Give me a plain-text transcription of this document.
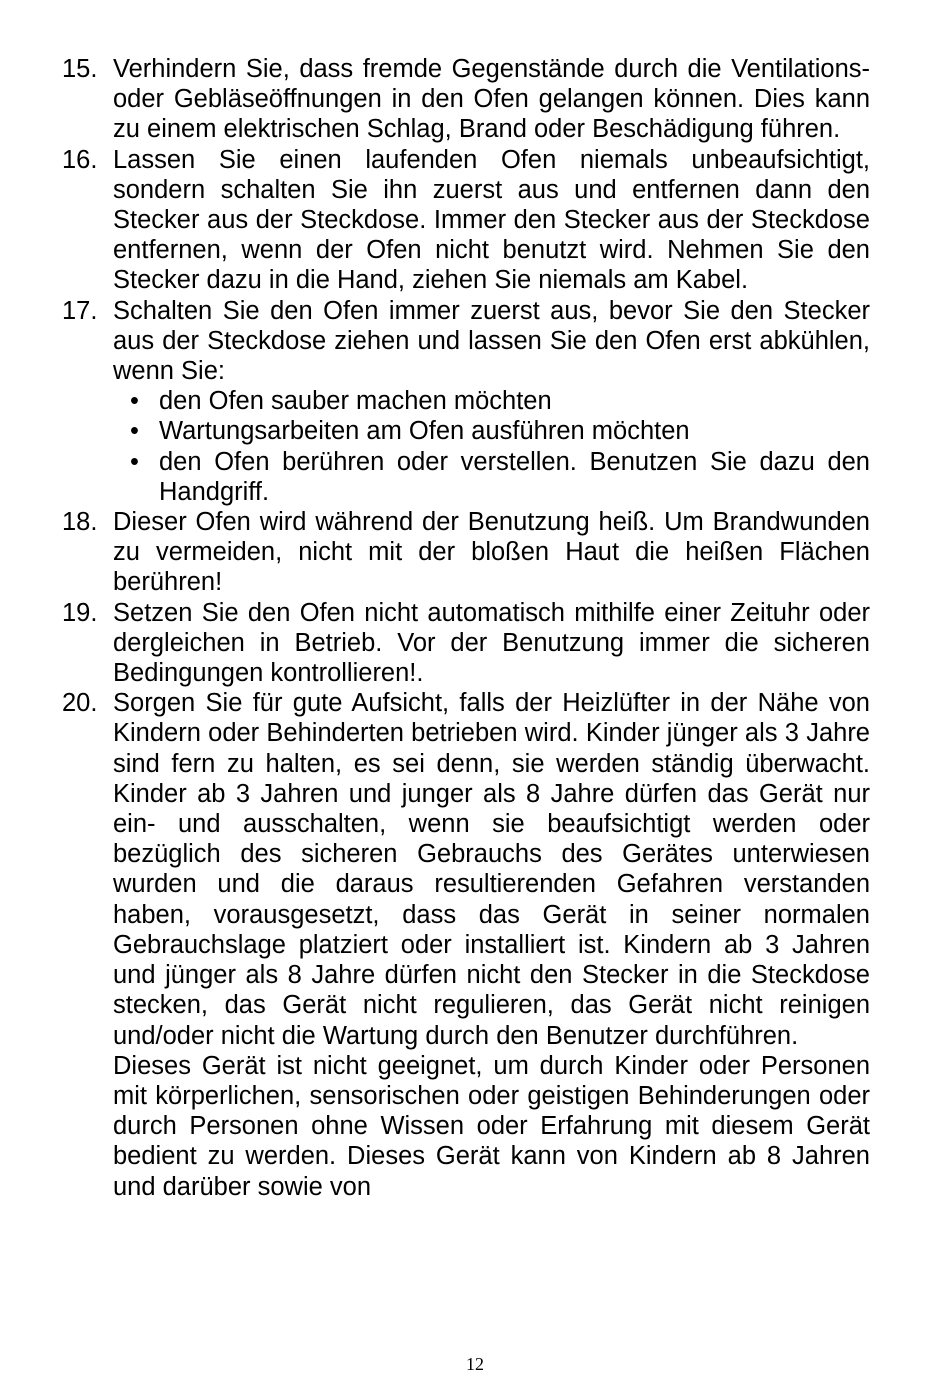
15. Verhindern Sie, dass fremde Gegenstände durch die Ventilations- oder Gebläseöffnungen in den Ofen gelangen können. Dies kann zu einem elektrischen Schlag, Brand oder Beschädigung führen.
16. Lassen Sie einen laufenden Ofen niemals unbeaufsichtigt, sondern schalten Sie ihn zuerst aus und entfernen dann den Stecker aus der Steckdose. Immer den Stecker aus der Steckdose entfernen, wenn der Ofen nicht benutzt wird. Nehmen Sie den Stecker dazu in die Hand, ziehen Sie niemals am Kabel.
17. Schalten Sie den Ofen immer zuerst aus, bevor Sie den Stecker aus der Steckdose ziehen und lassen Sie den Ofen erst abkühlen, wenn Sie:
• den Ofen sauber machen möchten
• Wartungsarbeiten am Ofen ausführen möchten
• den Ofen berühren oder verstellen. Benutzen Sie dazu den Handgriff.
18. Dieser Ofen wird während der Benutzung heiß. Um Brandwunden zu vermeiden, nicht mit der bloßen Haut die heißen Flächen berühren!
19. Setzen Sie den Ofen nicht automatisch mithilfe einer Zeituhr oder dergleichen in Betrieb. Vor der Benutzung immer die sicheren Bedingungen kontrollieren!.
20. Sorgen Sie für gute Aufsicht, falls der Heizlüfter in der Nähe von Kindern oder Behinderten betrieben wird. Kinder jünger als 3 Jahre sind fern zu halten, es sei denn, sie werden ständig überwacht. Kinder ab 3 Jahren und junger als 8 Jahre dürfen das Gerät nur ein- und ausschalten, wenn sie beaufsichtigt werden oder bezüglich des sicheren Gebrauchs des Gerätes unterwiesen wurden und die daraus resultierenden Gefahren verstanden haben, vorausgesetzt, dass das Gerät in seiner normalen Gebrauchslage platziert oder installiert ist. Kindern ab 3 Jahren und jünger als 8 Jahre dürfen nicht den Stecker in die Steckdose stecken, das Gerät nicht regulieren, das Gerät nicht reinigen und/oder nicht die Wartung durch den Benutzer durchführen.
Dieses Gerät ist nicht geeignet, um durch Kinder oder Personen mit körperlichen, sensorischen oder geistigen Behinderungen oder durch Personen ohne Wissen oder Erfahrung mit diesem Gerät bedient zu werden. Dieses Gerät kann von Kindern ab 8 Jahren und darüber sowie von
12
